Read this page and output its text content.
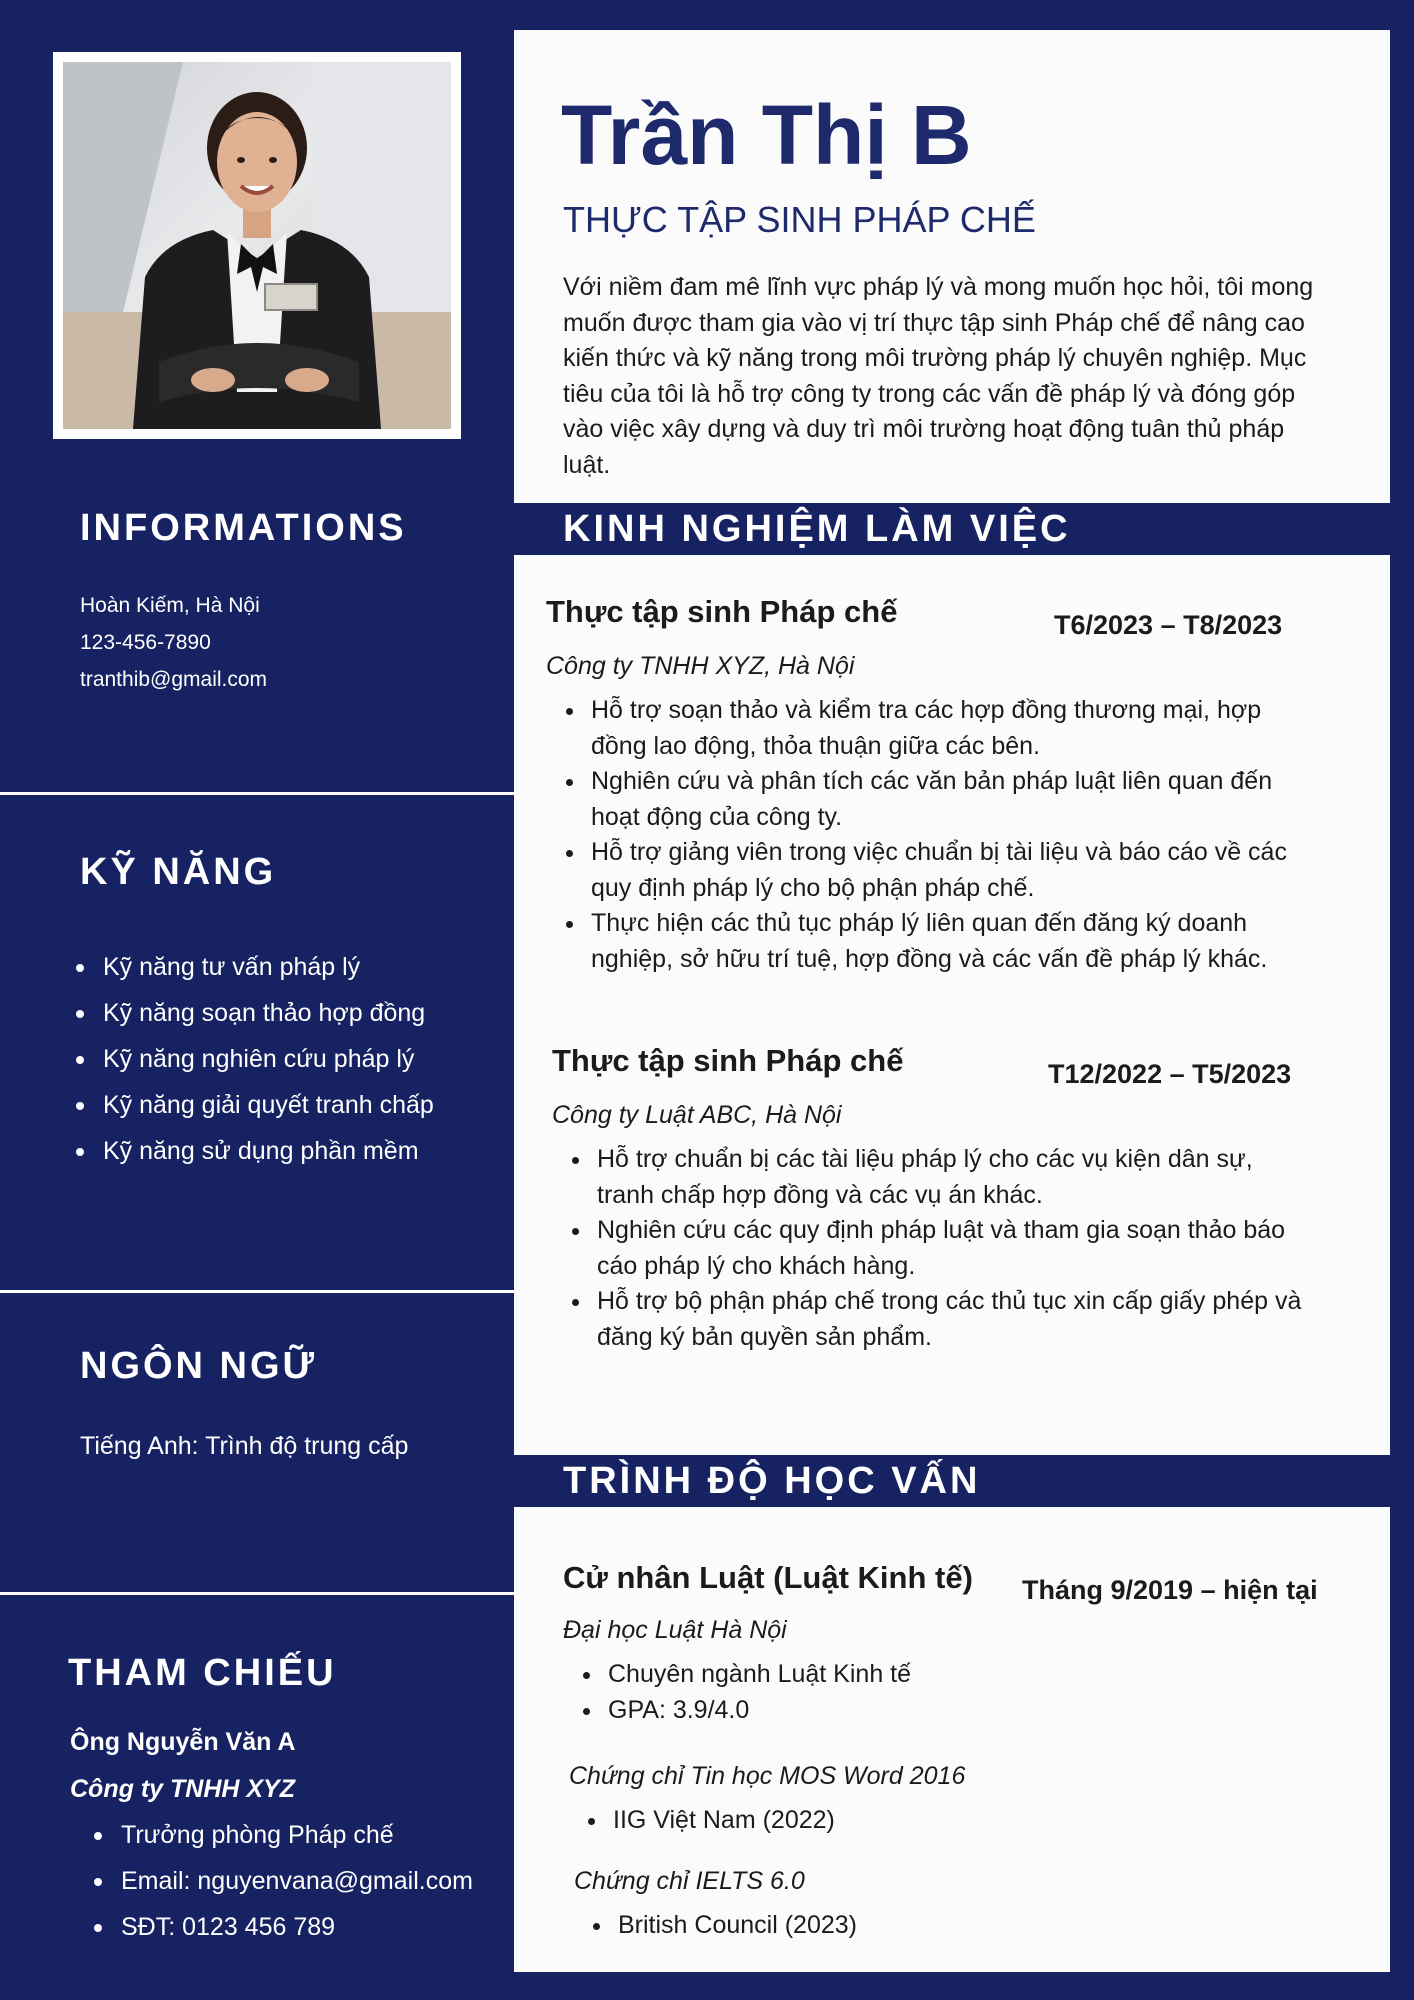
INFORMATIONS

Hoàn Kiếm, Hà Nội

123-456-7890

tranthib@gmail.com

KỸ NĂNG
Kỹ năng tư vấn pháp lý
Kỹ năng soạn thảo hợp đồng
Kỹ năng nghiên cứu pháp lý
Kỹ năng giải quyết tranh chấp
Kỹ năng sử dụng phần mềm
NGÔN NGỮ

Tiếng Anh: Trình độ trung cấp

THAM CHIẾU

Ông Nguyễn Văn A

Công ty TNHH XYZ

Trưởng phòng Pháp chế
Email: nguyenvana@gmail.com
SĐT: 0123 456 789
Trần Thị B

THỰC TẬP SINH PHÁP CHẾ

Với niềm đam mê lĩnh vực pháp lý và mong muốn học hỏi, tôi mong muốn được tham gia vào vị trí thực tập sinh Pháp chế để nâng cao kiến thức và kỹ năng trong môi trường pháp lý chuyên nghiệp. Mục tiêu của tôi là hỗ trợ công ty trong các vấn đề pháp lý và đóng góp vào việc xây dựng và duy trì môi trường hoạt động tuân thủ pháp luật.

KINH NGHIỆM LÀM VIỆC

Thực tập sinh Pháp chế	T6/2023 – T8/2023

Công ty TNHH XYZ, Hà Nội

Hỗ trợ soạn thảo và kiểm tra các hợp đồng thương mại, hợp đồng lao động, thỏa thuận giữa các bên.
Nghiên cứu và phân tích các văn bản pháp luật liên quan đến hoạt động của công ty.
Hỗ trợ giảng viên trong việc chuẩn bị tài liệu và báo cáo về các quy định pháp lý cho bộ phận pháp chế.
Thực hiện các thủ tục pháp lý liên quan đến đăng ký doanh nghiệp, sở hữu trí tuệ, hợp đồng và các vấn đề pháp lý khác.

Thực tập sinh Pháp chế	T12/2022 – T5/2023

Công ty Luật ABC, Hà Nội

Hỗ trợ chuẩn bị các tài liệu pháp lý cho các vụ kiện dân sự, tranh chấp hợp đồng và các vụ án khác.
Nghiên cứu các quy định pháp luật và tham gia soạn thảo báo cáo pháp lý cho khách hàng.
Hỗ trợ bộ phận pháp chế trong các thủ tục xin cấp giấy phép và đăng ký bản quyền sản phẩm.
TRÌNH ĐỘ HỌC VẤN

Cử nhân Luật (Luật Kinh tế) Tháng 9/2019 – hiện tại

Đại học Luật Hà Nội

Chuyên ngành Luật Kinh tế
GPA: 3.9/4.0

Chứng chỉ Tin học MOS Word 2016

IIG Việt Nam (2022)

Chứng chỉ IELTS 6.0

British Council (2023)
